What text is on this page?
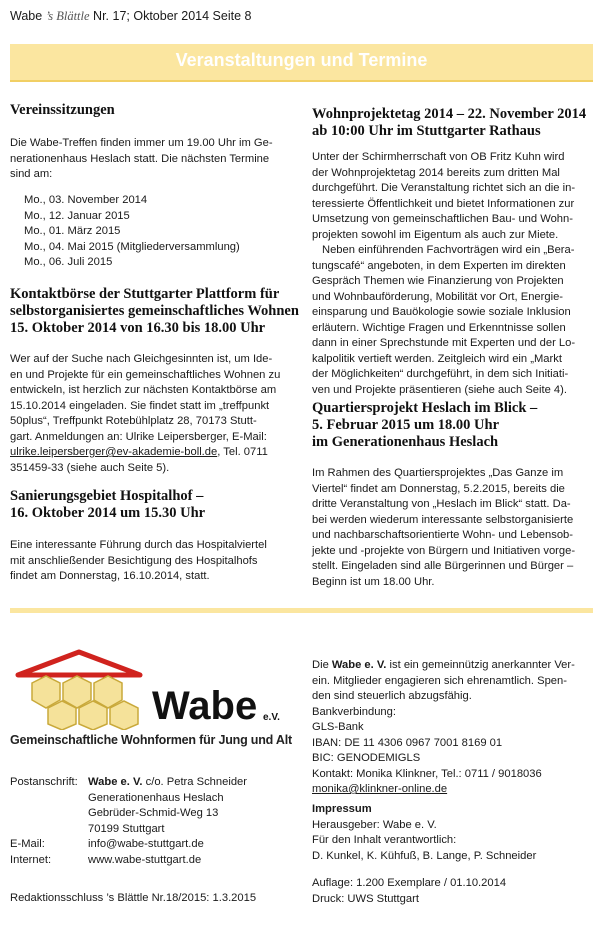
Wabe ’s Blättle Nr. 17; Oktober 2014 Seite 8
Veranstaltungen und Termine
Vereinssitzungen
Die Wabe-Treffen finden immer um 19.00 Uhr im Ge-
nerationenhaus Heslach statt. Die nächsten Termine
sind am:
Mo., 03. November 2014
Mo., 12. Januar 2015
Mo., 01. März 2015
Mo., 04. Mai 2015 (Mitgliederversammlung)
Mo., 06. Juli 2015
Kontaktbörse der Stuttgarter Plattform für
selbstorganisiertes gemeinschaftliches Wohnen
15. Oktober 2014 von 16.30 bis 18.00 Uhr
Wer auf der Suche nach Gleichgesinnten ist, um Ide-
en und Projekte für ein gemeinschaftliches Wohnen zu
entwickeln, ist herzlich zur nächsten Kontaktbörse am
15.10.2014 eingeladen. Sie findet statt im „treffpunkt
50plus“, Treffpunkt Rotebühlplatz 28, 70173 Stutt-
gart. Anmeldungen an: Ulrike Leipersberger, E-Mail:
ulrike.leipersberger@ev-akademie-boll.de, Tel. 0711
351459-33 (siehe auch Seite 5).
Sanierungsgebiet Hospitalhof –
16. Oktober 2014 um 15.30 Uhr
Eine interessante Führung durch das Hospitalviertel
mit anschließender Besichtigung des Hospitalhofs
findet am Donnerstag, 16.10.2014, statt.
Wohnprojektetag 2014 – 22. November 2014
ab 10:00 Uhr im Stuttgarter Rathaus
Unter der Schirmherrschaft von OB Fritz Kuhn wird
der Wohnprojektetag 2014 bereits zum dritten Mal
durchgeführt. Die Veranstaltung richtet sich an die in-
teressierte Öffentlichkeit und bietet Informationen zur
Umsetzung von gemeinschaftlichen Bau- und Wohn-
projekten sowohl im Eigentum als auch zur Miete.
Neben einführenden Fachvorträgen wird ein „Bera-
tungscafé“ angeboten, in dem Experten im direkten
Gespräch Themen wie Finanzierung von Projekten
und Wohnbauförderung, Mobilität vor Ort, Energie-
einsparung und Bauökologie sowie soziale Inklusion
erläutern. Wichtige Fragen und Erkenntnisse sollen
dann in einer Sprechstunde mit Experten und der Lo-
kalpolitik vertieft werden. Zeitgleich wird ein „Markt
der Möglichkeiten“ durchgeführt, in dem sich Initiati-
ven und Projekte präsentieren (siehe auch Seite 4).
Quartiersprojekt Heslach im Blick –
5. Februar 2015 um 18.00 Uhr
im Generationenhaus Heslach
Im Rahmen des Quartiersprojektes „Das Ganze im
Viertel“ findet am Donnerstag, 5.2.2015, bereits die
dritte Veranstaltung von „Heslach im Blick“ statt. Da-
bei werden wiederum interessante selbstorganisierte
und nachbarschaftsorientierte Wohn- und Lebensob-
jekte und -projekte von Bürgern und Initiativen vorge-
stellt. Eingeladen sind alle Bürgerinnen und Bürger –
Beginn ist um 18.00 Uhr.
Wabe e.V.
Gemeinschaftliche Wohnformen für Jung und Alt
Postanschrift: Wabe e. V. c/o. Petra Schneider
Generationenhaus Heslach
Gebrüder-Schmid-Weg 13
70199 Stuttgart
E-Mail:	info@wabe-stuttgart.de
Internet:	www.wabe-stuttgart.de
Redaktionsschluss ’s Blättle Nr.18/2015: 1.3.2015
Die Wabe e. V. ist ein gemeinnützig anerkannter Ver-
ein. Mitglieder engagieren sich ehrenamtlich. Spen-
den sind steuerlich abzugsfähig.
Bankverbindung:
GLS-Bank
IBAN: DE 11 4306 0967 7001 8169 01
BIC: GENODEMIGLS
Kontakt: Monika Klinkner, Tel.: 0711 / 9018036
monika@klinkner-online.de
Impressum
Herausgeber: Wabe e. V.
Für den Inhalt verantwortlich:
D. Kunkel, K. Kühfuß, B. Lange, P. Schneider
Auflage: 1.200 Exemplare / 01.10.2014
Druck: UWS Stuttgart
